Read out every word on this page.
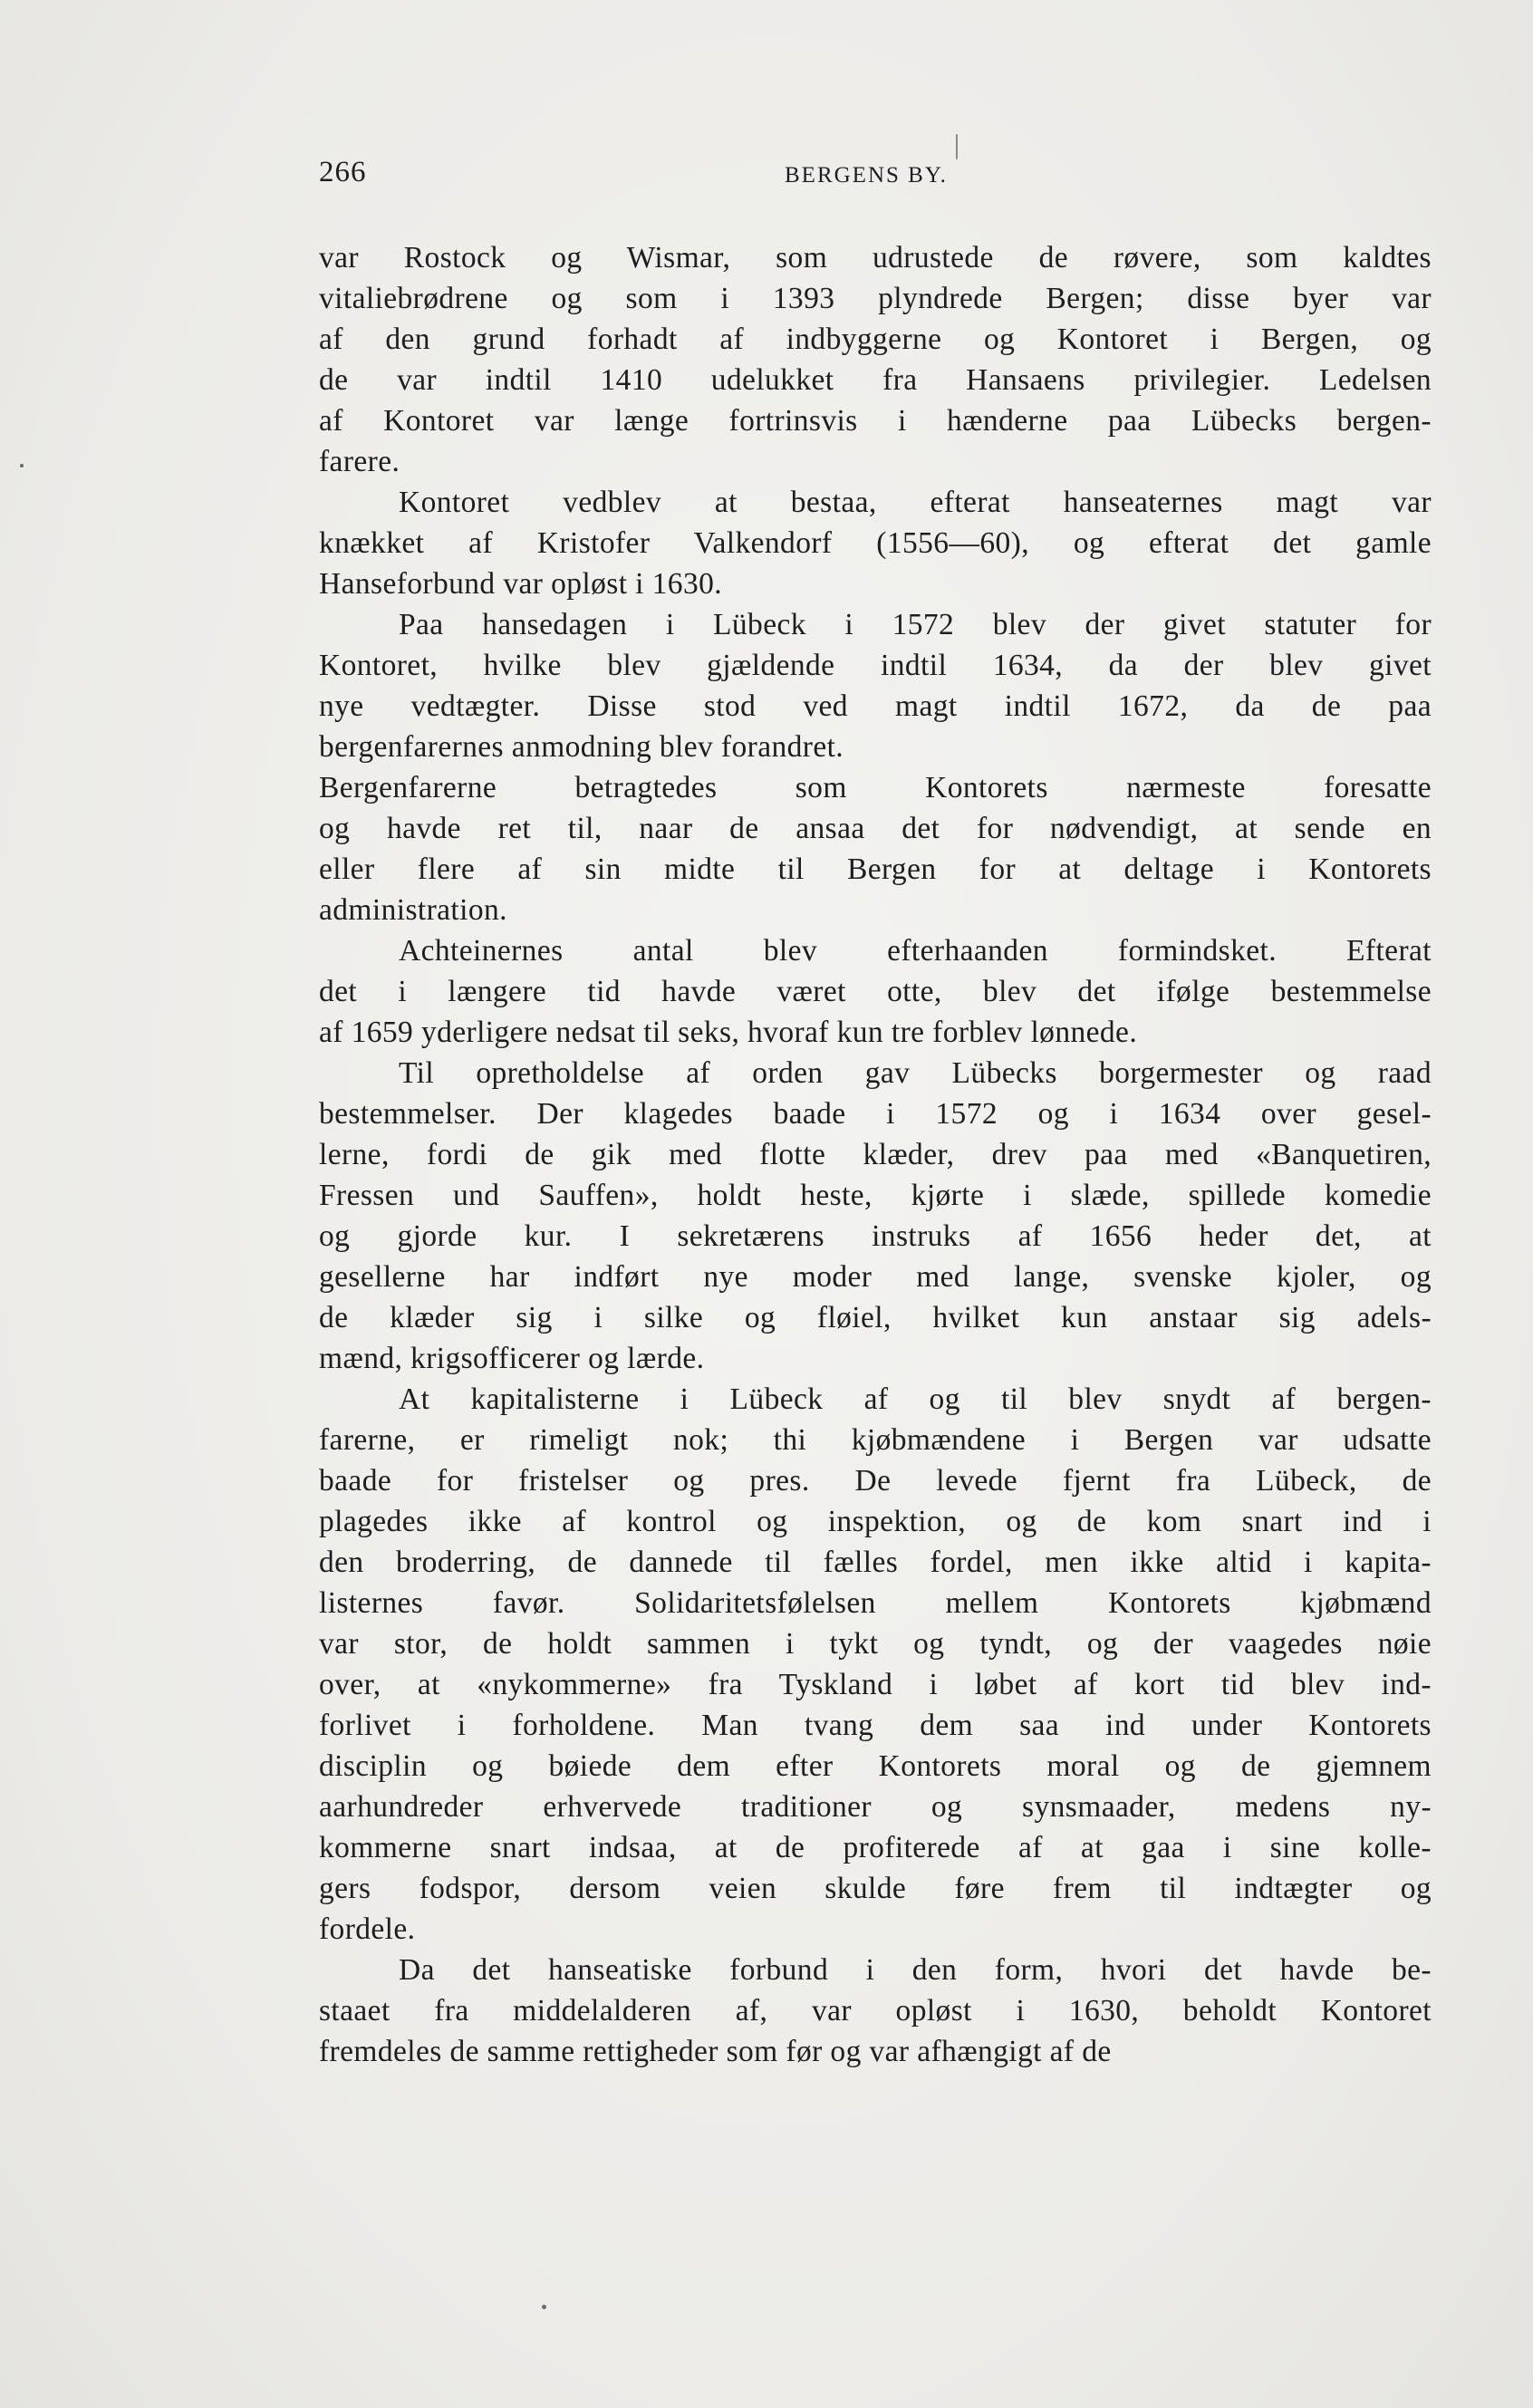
266	BERGENS BY.
var Rostock og Wismar, som udrustede de røvere, som kaldtes
vitaliebrødrene og som i 1393 plyndrede Bergen; disse byer var
af den grund forhadt af indbyggerne og Kontoret i Bergen, og
de var indtil 1410 udelukket fra Hansaens privilegier. Ledelsen
af Kontoret var længe fortrinsvis i hænderne paa Lübecks bergen-
farere.
Kontoret vedblev at bestaa, efterat hanseaternes magt var
knækket af Kristofer Valkendorf (1556—60), og efterat det gamle
Hanseforbund var opløst i 1630.
Paa hansedagen i Lübeck i 1572 blev der givet statuter for
Kontoret, hvilke blev gjældende indtil 1634, da der blev givet
nye vedtægter. Disse stod ved magt indtil 1672, da de paa
bergenfarernes anmodning blev forandret.
Bergenfarerne betragtedes som Kontorets nærmeste foresatte
og havde ret til, naar de ansaa det for nødvendigt, at sende en
eller flere af sin midte til Bergen for at deltage i Kontorets
administration.
Achteinernes antal blev efterhaanden formindsket. Efterat
det i længere tid havde været otte, blev det ifølge bestemmelse
af 1659 yderligere nedsat til seks, hvoraf kun tre forblev lønnede.
Til opretholdelse af orden gav Lübecks borgermester og raad
bestemmelser. Der klagedes baade i 1572 og i 1634 over gesel-
lerne, fordi de gik med flotte klæder, drev paa med «Banquetiren,
Fressen und Sauffen», holdt heste, kjørte i slæde, spillede komedie
og gjorde kur. I sekretærens instruks af 1656 heder det, at
gesellerne har indført nye moder med lange, svenske kjoler, og
de klæder sig i silke og fløiel, hvilket kun anstaar sig adels-
mænd, krigsofficerer og lærde.
At kapitalisterne i Lübeck af og til blev snydt af bergen-
farerne, er rimeligt nok; thi kjøbmændene i Bergen var udsatte
baade for fristelser og pres. De levede fjernt fra Lübeck, de
plagedes ikke af kontrol og inspektion, og de kom snart ind i
den broderring, de dannede til fælles fordel, men ikke altid i kapita-
listernes favør. Solidaritetsfølelsen mellem Kontorets kjøbmænd
var stor, de holdt sammen i tykt og tyndt, og der vaagedes nøie
over, at «nykommerne» fra Tyskland i løbet af kort tid blev ind-
forlivet i forholdene. Man tvang dem saa ind under Kontorets
disciplin og bøiede dem efter Kontorets moral og de gjemnem
aarhundreder erhvervede traditioner og synsmaader, medens ny-
kommerne snart indsaa, at de profiterede af at gaa i sine kolle-
gers fodspor, dersom veien skulde føre frem til indtægter og
fordele.
Da det hanseatiske forbund i den form, hvori det havde be-
staaet fra middelalderen af, var opløst i 1630, beholdt Kontoret
fremdeles de samme rettigheder som før og var afhængigt af de
